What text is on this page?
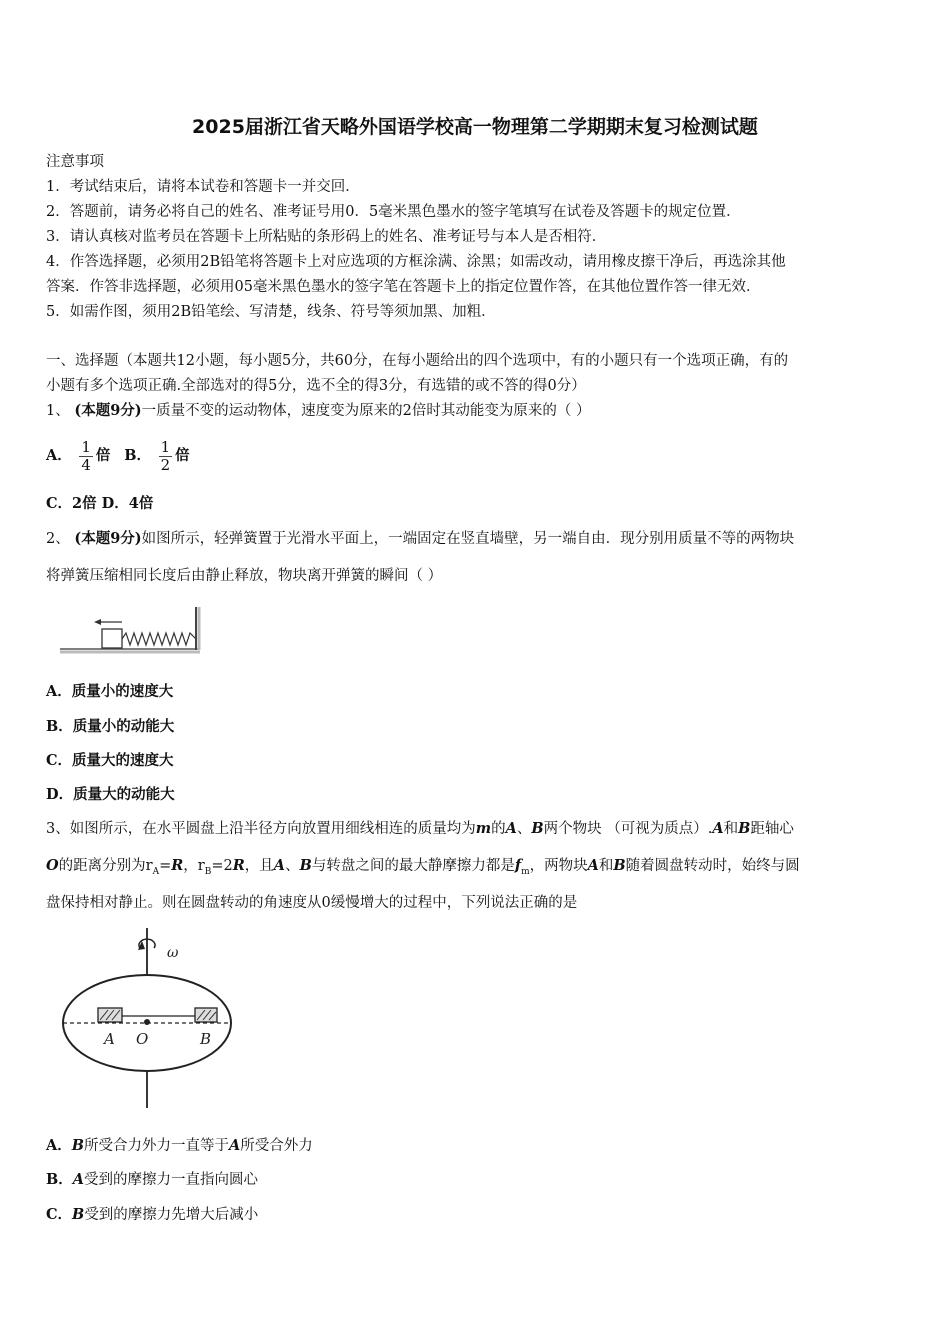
2025届浙江省天略外国语学校高一物理第二学期期末复习检测试题
注意事项
1．考试结束后，请将本试卷和答题卡一并交回．
2．答题前，请务必将自己的姓名、准考证号用0．5毫米黑色墨水的签字笔填写在试卷及答题卡的规定位置．
3．请认真核对监考员在答题卡上所粘贴的条形码上的姓名、准考证号与本人是否相符．
4．作答选择题，必须用2B铅笔将答题卡上对应选项的方框涂满、涂黑；如需改动，请用橡皮擦干净后，再选涂其他
答案．作答非选择题，必须用05毫米黑色墨水的签字笔在答题卡上的指定位置作答，在其他位置作答一律无效．
5．如需作图，须用2B铅笔绘、写清楚，线条、符号等须加黑、加粗．
一、选择题（本题共12小题，每小题5分，共60分，在每小题给出的四个选项中，有的小题只有一个选项正确，有的
小题有多个选项正确.全部选对的得5分，选不全的得3分，有选错的或不答的得0分）
1、 (本题9分)一质量不变的运动物体，速度变为原来的2倍时其动能变为原来的（ ）
A． $\frac{1}{4}$ 倍 B． $\frac{1}{2}$ 倍
C．2倍 D．4倍
2、 (本题9分)如图所示，轻弹簧置于光滑水平面上，一端固定在竖直墙壁，另一端自由．现分别用质量不等的两物块
将弹簧压缩相同长度后由静止释放，物块离开弹簧的瞬间（ ）
A．质量小的速度大
B．质量小的动能大
C．质量大的速度大
D．质量大的动能大
3、如图所示，在水平圆盘上沿半径方向放置用细线相连的质量均为m的A、B两个物块 （可视为质点）.A和B距轴心
O的距离分别为$r_A=R$，$r_B=2R$，且A、B与转盘之间的最大静摩擦力都是$f_m$，两物块A和B随着圆盘转动时，始终与圆
盘保持相对静止。则在圆盘转动的角速度从0缓慢增大的过程中，下列说法正确的是
ω
A O	B
A．B所受合力外力一直等于A所受合外力
B．A受到的摩擦力一直指向圆心
C．B受到的摩擦力先增大后减小
